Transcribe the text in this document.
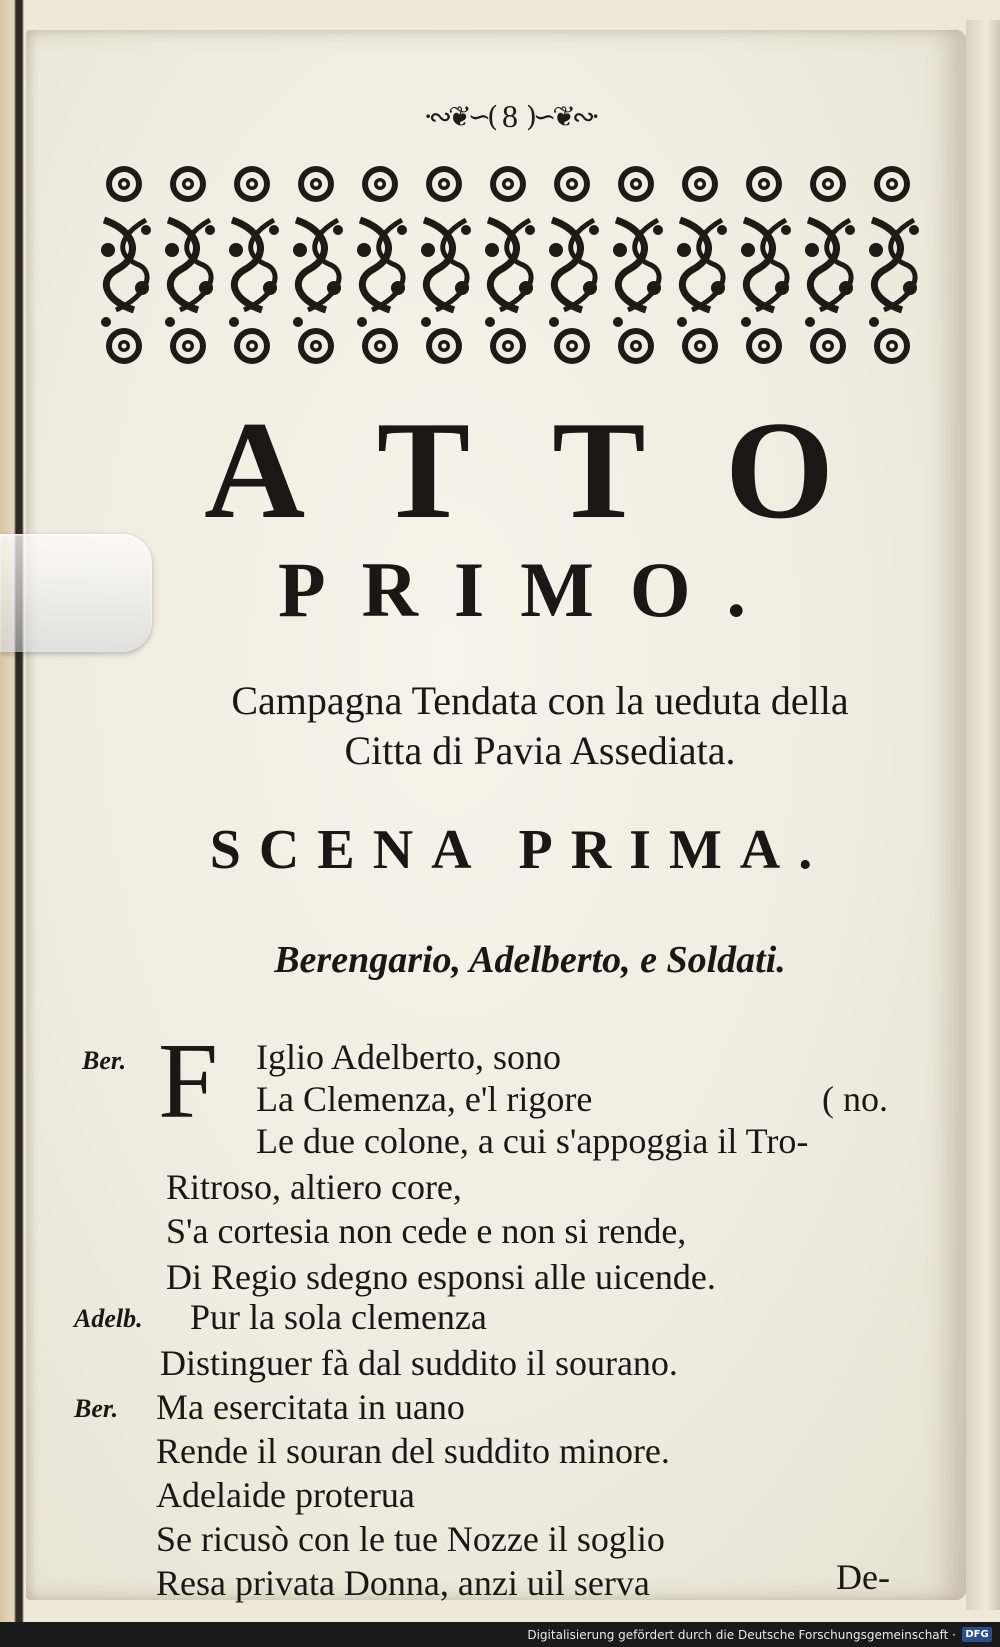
·∾❦∽( 8 )∽❦∾·
ATTO
PRIMO.
Campagna Tendata con la ueduta della
Citta di Pavia Assediata.
SCENA PRIMA.
Berengario, Adelberto, e Soldati.
Ber. F Iglio Adelberto, sono
La Clemenza, e'l rigore	( no.
Le due colone, a cui s'appoggia il Tro-
Ritroso, altiero core,
S'a cortesia non cede e non si rende,
Di Regio sdegno esponsi alle uicende.
Adelb. Pur la sola clemenza
Distinguer fà dal suddito il sourano.
Ber. Ma esercitata in uano
Rende il souran del suddito minore.
Adelaide proterua
Se ricusò con le tue Nozze il soglio
Resa privata Donna, anzi uil serva	De-
Digitalisierung gefördert durch die Deutsche Forschungsgemeinschaft · DFG
